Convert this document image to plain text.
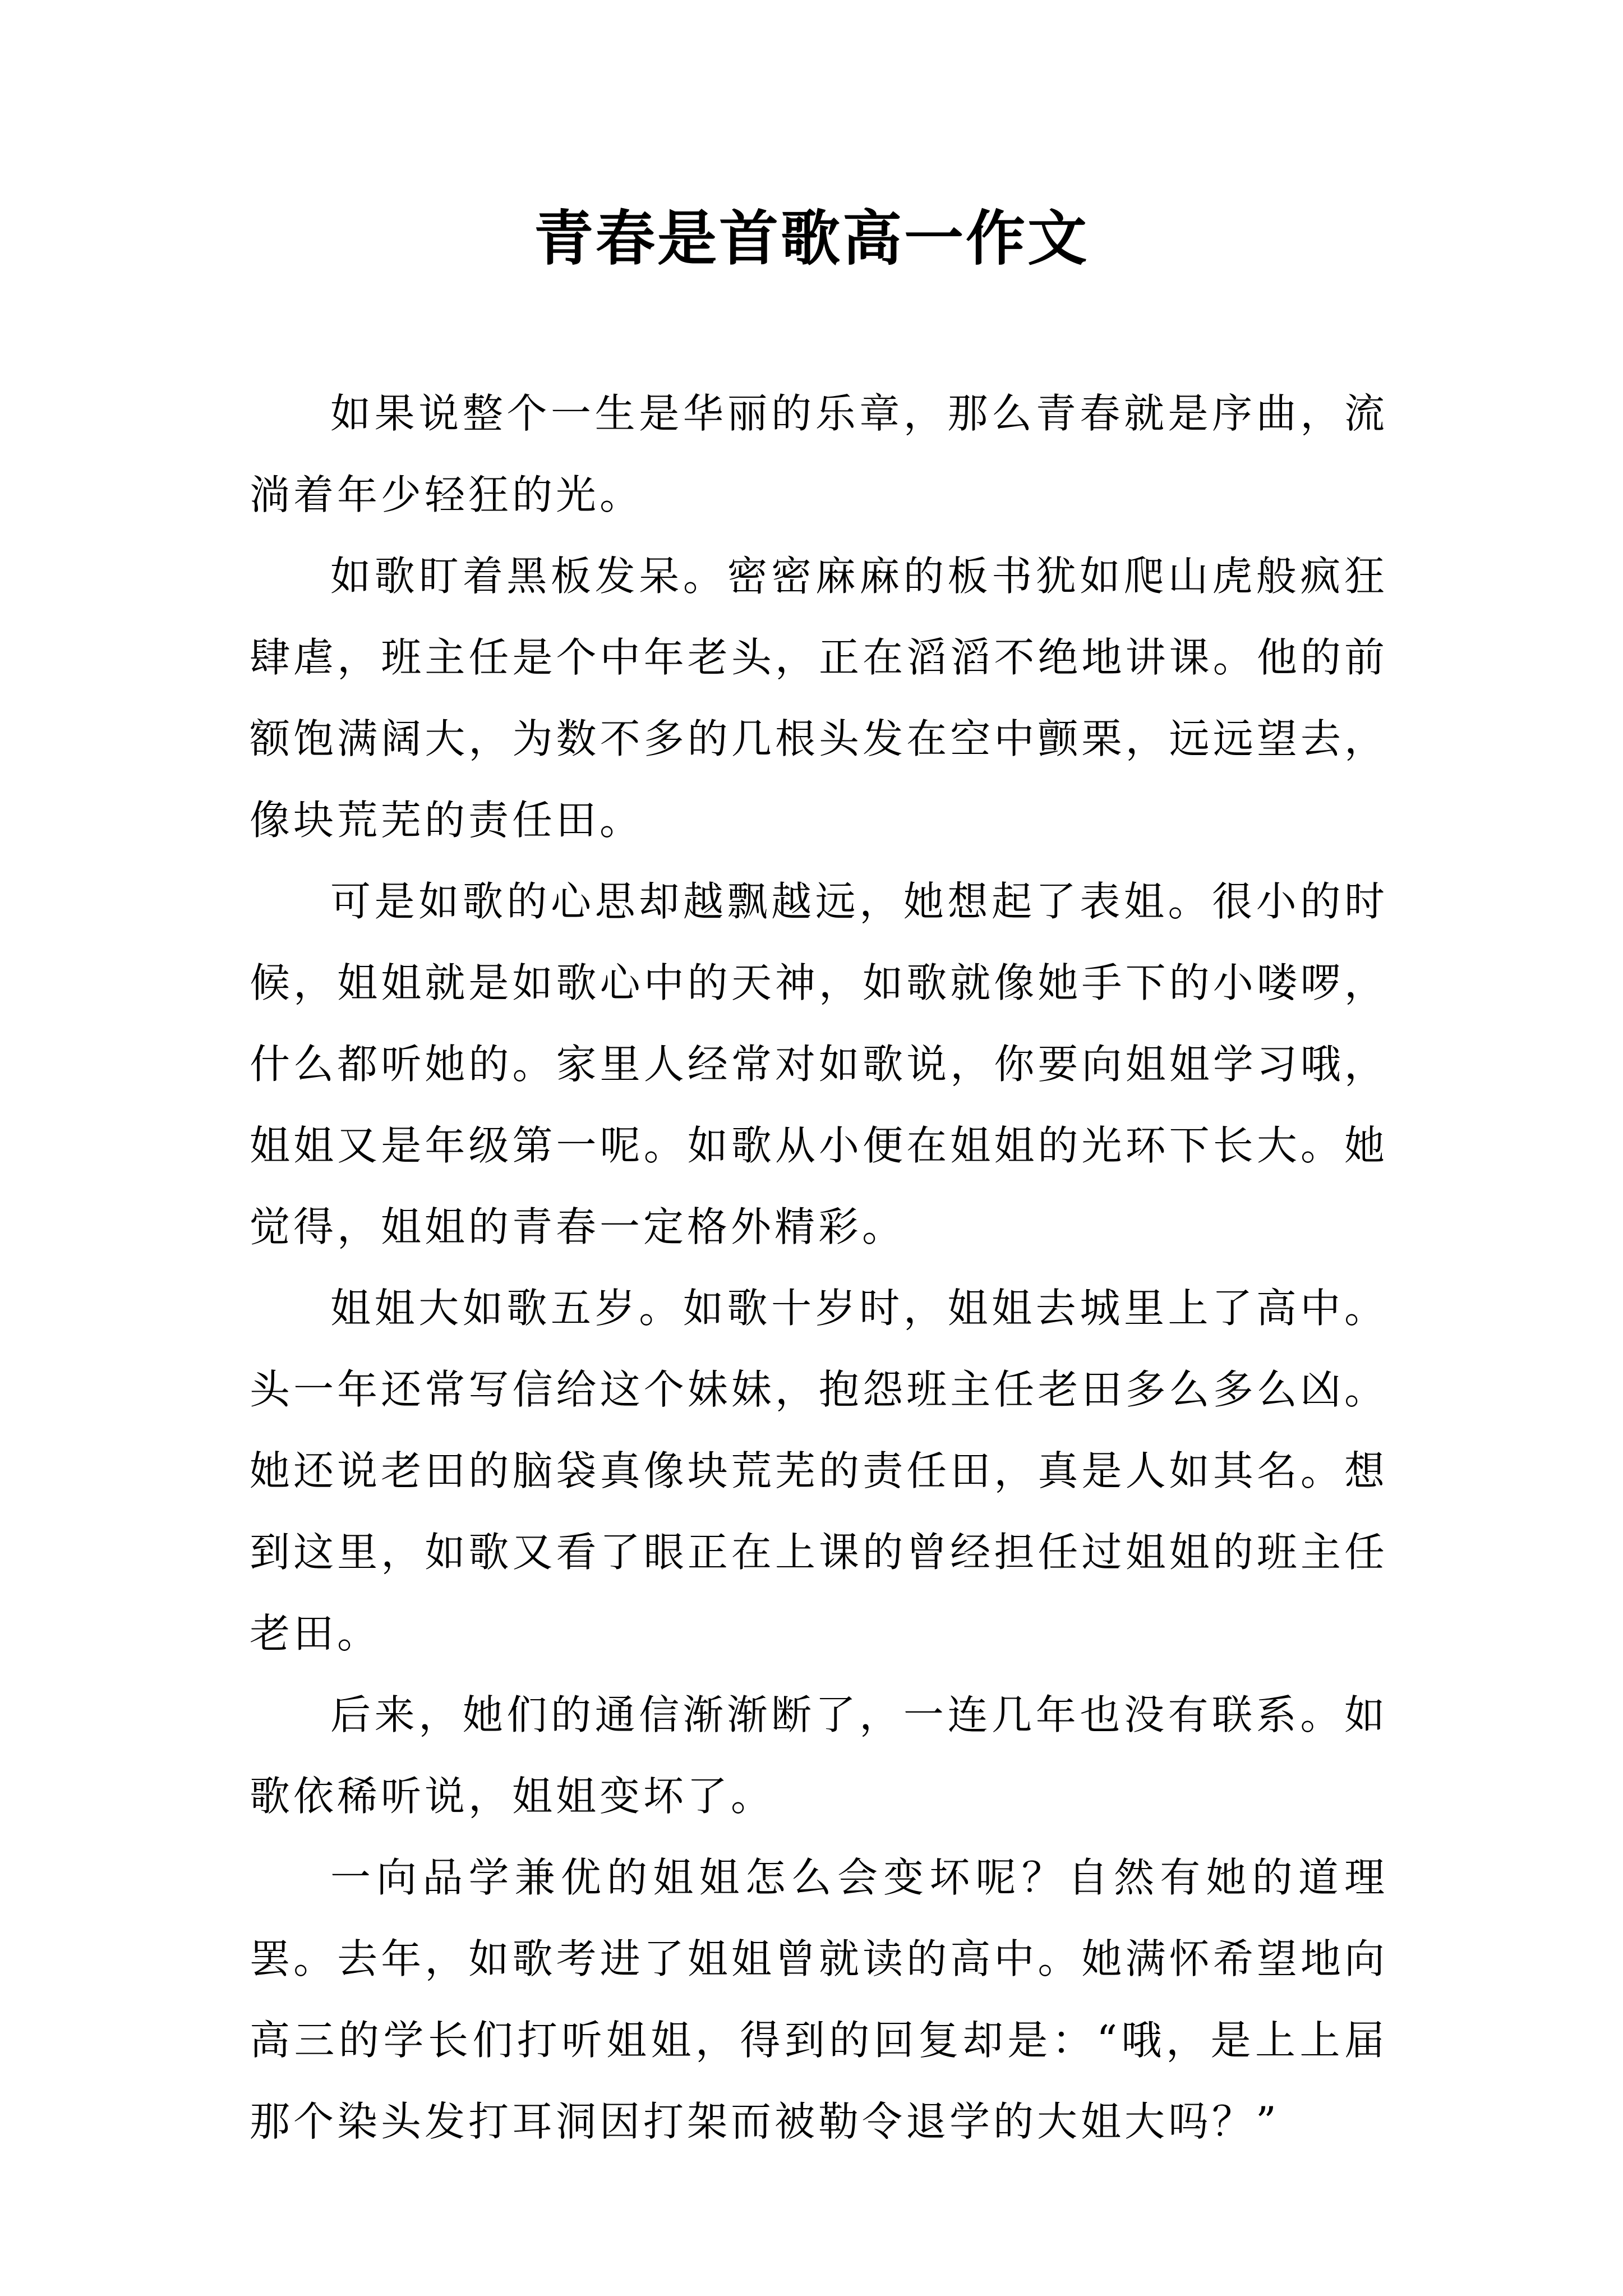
青春是首歌高一作文

如果说整个一生是华丽的乐章，那么青春就是序曲，流淌着年少轻狂的光。

如歌盯着黑板发呆。密密麻麻的板书犹如爬山虎般疯狂肆虐，班主任是个中年老头，正在滔滔不绝地讲课。他的前额饱满阔大，为数不多的几根头发在空中颤栗，远远望去，像块荒芜的责任田。

可是如歌的心思却越飘越远，她想起了表姐。很小的时候，姐姐就是如歌心中的天神，如歌就像她手下的小喽啰，什么都听她的。家里人经常对如歌说，你要向姐姐学习哦，姐姐又是年级第一呢。如歌从小便在姐姐的光环下长大。她觉得，姐姐的青春一定格外精彩。

姐姐大如歌五岁。如歌十岁时，姐姐去城里上了高中。头一年还常写信给这个妹妹，抱怨班主任老田多么多么凶。她还说老田的脑袋真像块荒芜的责任田，真是人如其名。想到这里，如歌又看了眼正在上课的曾经担任过姐姐的班主任老田。

后来，她们的通信渐渐断了，一连几年也没有联系。如歌依稀听说，姐姐变坏了。

一向品学兼优的姐姐怎么会变坏呢？自然有她的道理罢。去年，如歌考进了姐姐曾就读的高中。她满怀希望地向高三的学长们打听姐姐，得到的回复却是：“哦，是上上届那个染头发打耳洞因打架而被勒令退学的大姐大吗？”
